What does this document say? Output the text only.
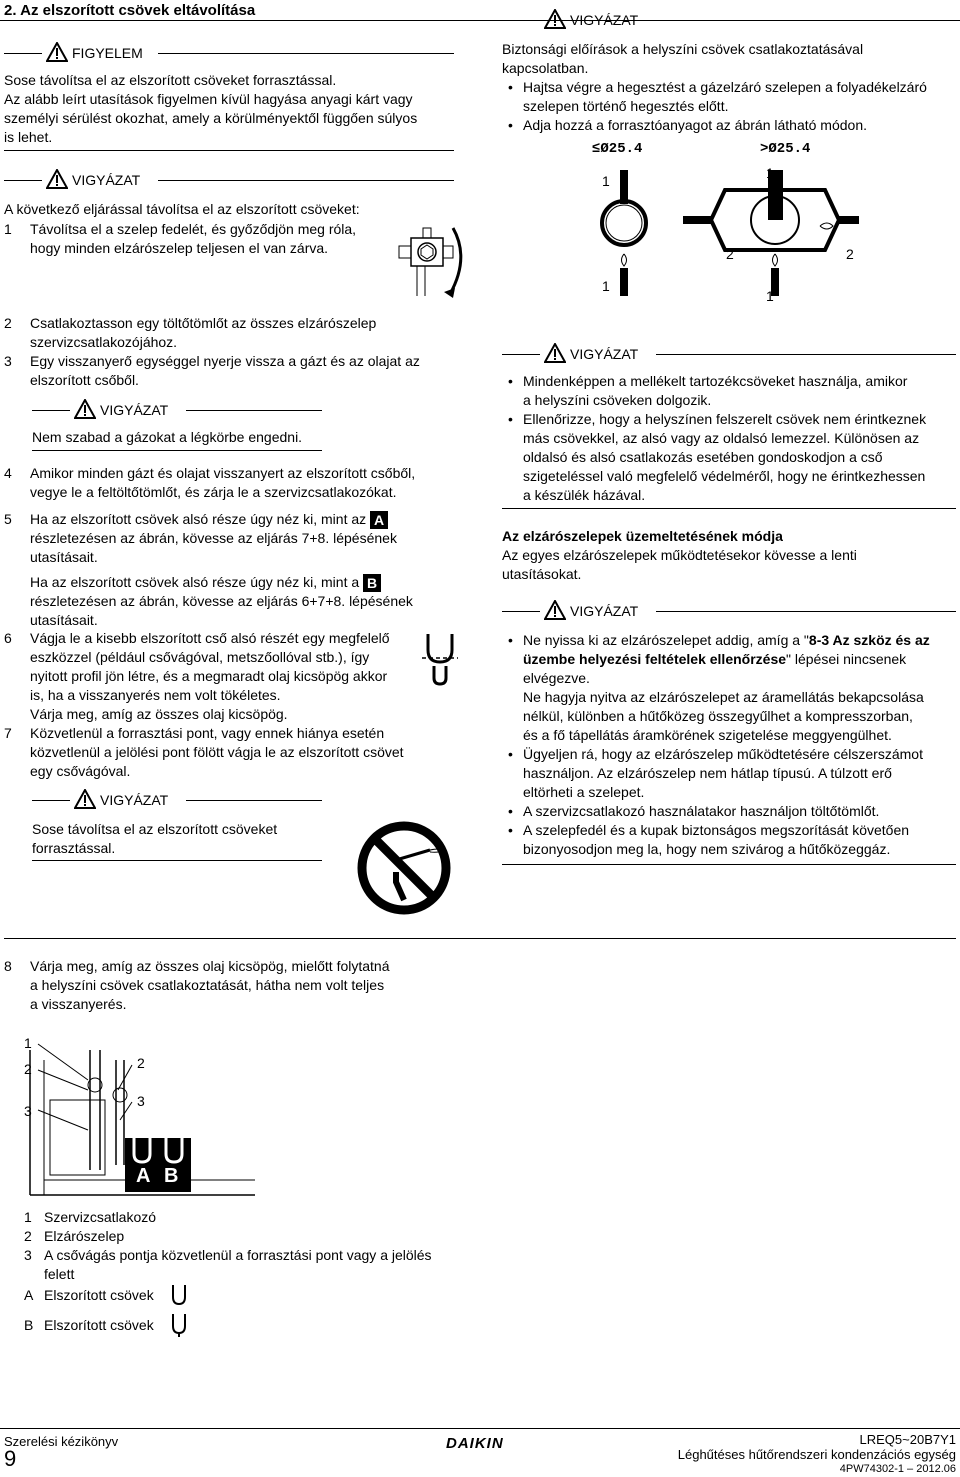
2. Az elszorított csövek eltávolítása
FIGYELEM
Sose távolítsa el az elszorított csöveket forrasztással.
Az alább leírt utasítások figyelmen kívül hagyása anyagi kárt vagy
személyi sérülést okozhat, amely a körülményektől függően súlyos
is lehet.
VIGYÁZAT
A következő eljárással távolítsa el az elszorított csöveket:
1 Távolítsa el a szelep fedelét, és győződjön meg róla,
hogy minden elzárószelep teljesen el van zárva.
2 Csatlakoztasson egy töltőtömlőt az összes elzárószelep
szervizcsatlakozójához.
3 Egy visszanyerő egységgel nyerje vissza a gázt és az olajat az
elszorított csőből.
VIGYÁZAT
Nem szabad a gázokat a légkörbe engedni.
4 Amikor minden gázt és olajat visszanyert az elszorított csőből,
vegye le a feltöltőtömlőt, és zárja le a szervizcsatlakozókat.
5 Ha az elszorított csövek alsó része úgy néz ki, mint az A
részletezésen az ábrán, kövesse az eljárás 7+8. lépésének
utasításait.
Ha az elszorított csövek alsó része úgy néz ki, mint a B
részletezésen az ábrán, kövesse az eljárás 6+7+8. lépésének
utasításait.
6 Vágja le a kisebb elszorított cső alsó részét egy megfelelő
eszközzel (például csővágóval, metszőollóval stb.), így
nyitott profil jön létre, és a megmaradt olaj kicsöpög akkor
is, ha a visszanyerés nem volt tökéletes.
Várja meg, amíg az összes olaj kicsöpög.
7 Közvetlenül a forrasztási pont, vagy ennek hiánya esetén
közvetlenül a jelölési pont fölött vágja le az elszorított csövet
egy csővágóval.
VIGYÁZAT
Sose távolítsa el az elszorított csöveket
forrasztással.
8 Várja meg, amíg az összes olaj kicsöpög, mielőtt folytatná
a helyszíni csövek csatlakoztatását, hátha nem volt teljes
a visszanyerés.
1
2
3
2
3
A B
1 Szervizcsatlakozó
2 Elzárószelep
3 A csővágás pontja közvetlenül a forrasztási pont vagy a jelölés
felett
A Elszorított csövek
B Elszorított csövek
VIGYÁZAT
Biztonsági előírások a helyszíni csövek csatlakoztatásával
kapcsolatban.
• Hajtsa végre a hegesztést a gázelzáró szelepen a folyadékelzáró
szelepen történő hegesztés előtt.
• Adja hozzá a forrasztóanyagot az ábrán látható módon.
≤Ø25.4	>Ø25.4
1	1
2	2
1
1
VIGYÁZAT
• Mindenképpen a mellékelt tartozékcsöveket használja, amikor
a helyszíni csöveken dolgozik.
• Ellenőrizze, hogy a helyszínen felszerelt csövek nem érintkeznek
más csövekkel, az alsó vagy az oldalsó lemezzel. Különösen az
oldalsó és alsó csatlakozás esetében gondoskodjon a cső
szigeteléssel való megfelelő védelméről, hogy ne érintkezhessen
a készülék házával.
Az elzárószelepek üzemeltetésének módja
Az egyes elzárószelepek működtetésekor kövesse a lenti
utasításokat.
VIGYÁZAT
• Ne nyissa ki az elzárószelepet addig, amíg a "8-3 Az szköz és az
üzembe helyezési feltételek ellenőrzése" lépései nincsenek
elvégezve.
Ne hagyja nyitva az elzárószelepet az áramellátás bekapcsolása
nélkül, különben a hűtőközeg összegyűlhet a kompresszorban,
és a fő tápellátás áramkörének szigetelése meggyengülhet.
• Ügyeljen rá, hogy az elzárószelep működtetésére célszerszámot
használjon. Az elzárószelep nem hátlap típusú. A túlzott erő
eltörheti a szelepet.
• A szervizcsatlakozó használatakor használjon töltőtömlőt.
• A szelepfedél és a kupak biztonságos megszorítását követően
bizonyosodjon meg la, hogy nem szivárog a hűtőközeggáz.
Szerelési kézikönyv
9
DAIKIN	LREQ5~20B7Y1
Léghűtéses hűtőrendszeri kondenzációs egység
4PW74302-1 – 2012.06
